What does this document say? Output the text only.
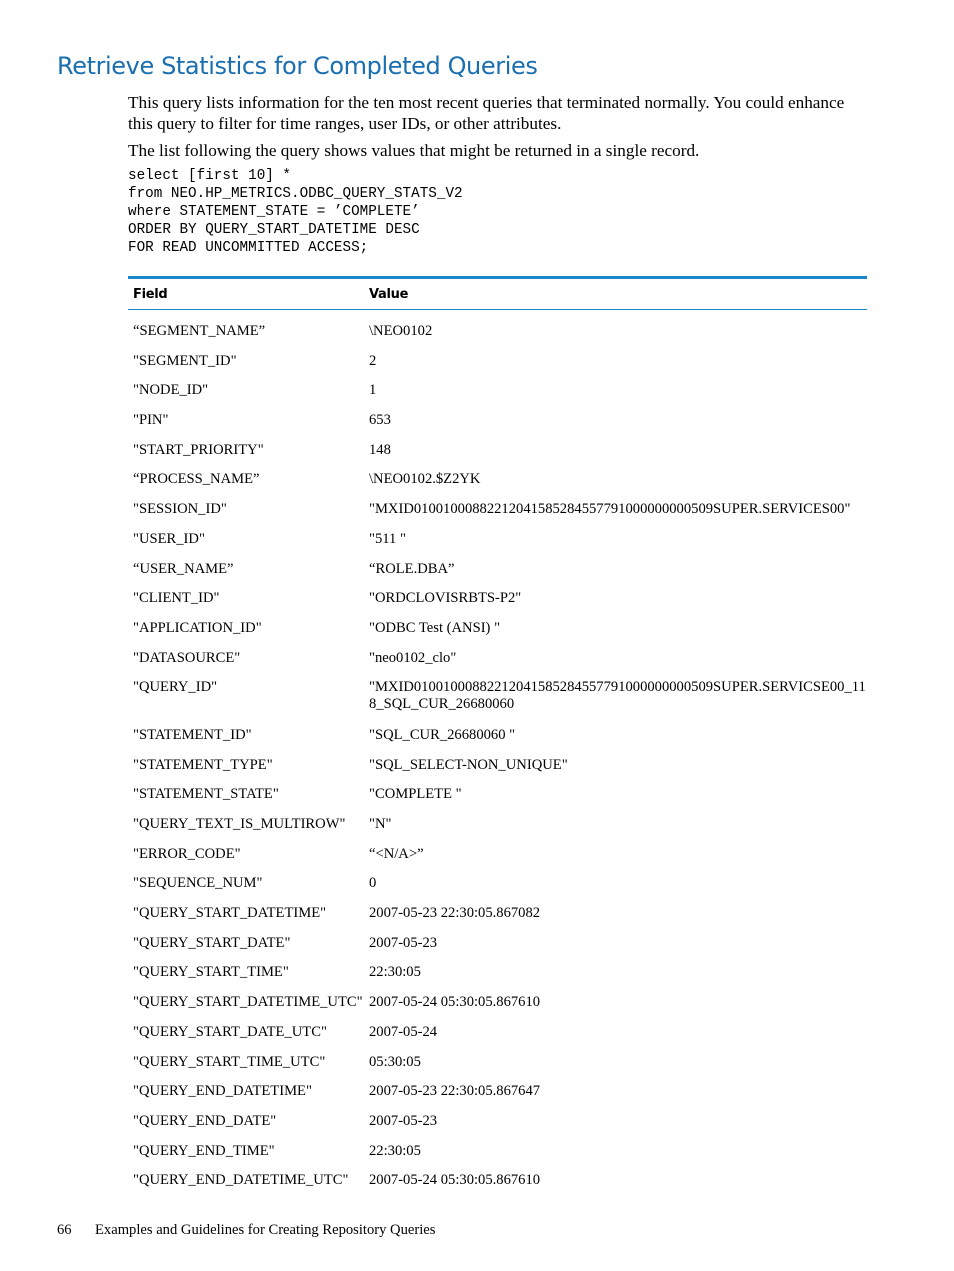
Retrieve Statistics for Completed Queries

This query lists information for the ten most recent queries that terminated normally. You could enhance this query to filter for time ranges, user IDs, or other attributes.

The list following the query shows values that might be returned in a single record.

select [first 10] *
from NEO.HP_METRICS.ODBC_QUERY_STATS_V2
where STATEMENT_STATE = ’COMPLETE’
ORDER BY QUERY_START_DATETIME DESC
FOR READ UNCOMMITTED ACCESS;
Field	Value
“SEGMENT_NAME”	\NEO0102
"SEGMENT_ID"	2
"NODE_ID"	1
"PIN"	653
"START_PRIORITY"	148
“PROCESS_NAME”	\NEO0102.$Z2YK
"SESSION_ID"	"MXID01001000882212041585284557791000000000509SUPER.SERVICES00"
"USER_ID"	"511 "
“USER_NAME”	“ROLE.DBA”
"CLIENT_ID"	"ORDCLOVISRBTS-P2"
"APPLICATION_ID"	"ODBC Test (ANSI) "
"DATASOURCE"	"neo0102_clo"
"QUERY_ID"	"MXID01001000882212041585284557791000000000509SUPER.SERVICSE00_118_SQL_CUR_26680060
"STATEMENT_ID"	"SQL_CUR_26680060 "
"STATEMENT_TYPE"	"SQL_SELECT-NON_UNIQUE"
"STATEMENT_STATE"	"COMPLETE "
"QUERY_TEXT_IS_MULTIROW"	"N"
"ERROR_CODE"	“<N/A>”
"SEQUENCE_NUM"	0
"QUERY_START_DATETIME"	2007-05-23 22:30:05.867082
"QUERY_START_DATE"	2007-05-23
"QUERY_START_TIME"	22:30:05
"QUERY_START_DATETIME_UTC" 2007-05-24 05:30:05.867610
"QUERY_START_DATE_UTC"	2007-05-24
"QUERY_START_TIME_UTC"	05:30:05
"QUERY_END_DATETIME"	2007-05-23 22:30:05.867647
"QUERY_END_DATE"	2007-05-23
"QUERY_END_TIME"	22:30:05
"QUERY_END_DATETIME_UTC"	2007-05-24 05:30:05.867610
66 Examples and Guidelines for Creating Repository Queries
